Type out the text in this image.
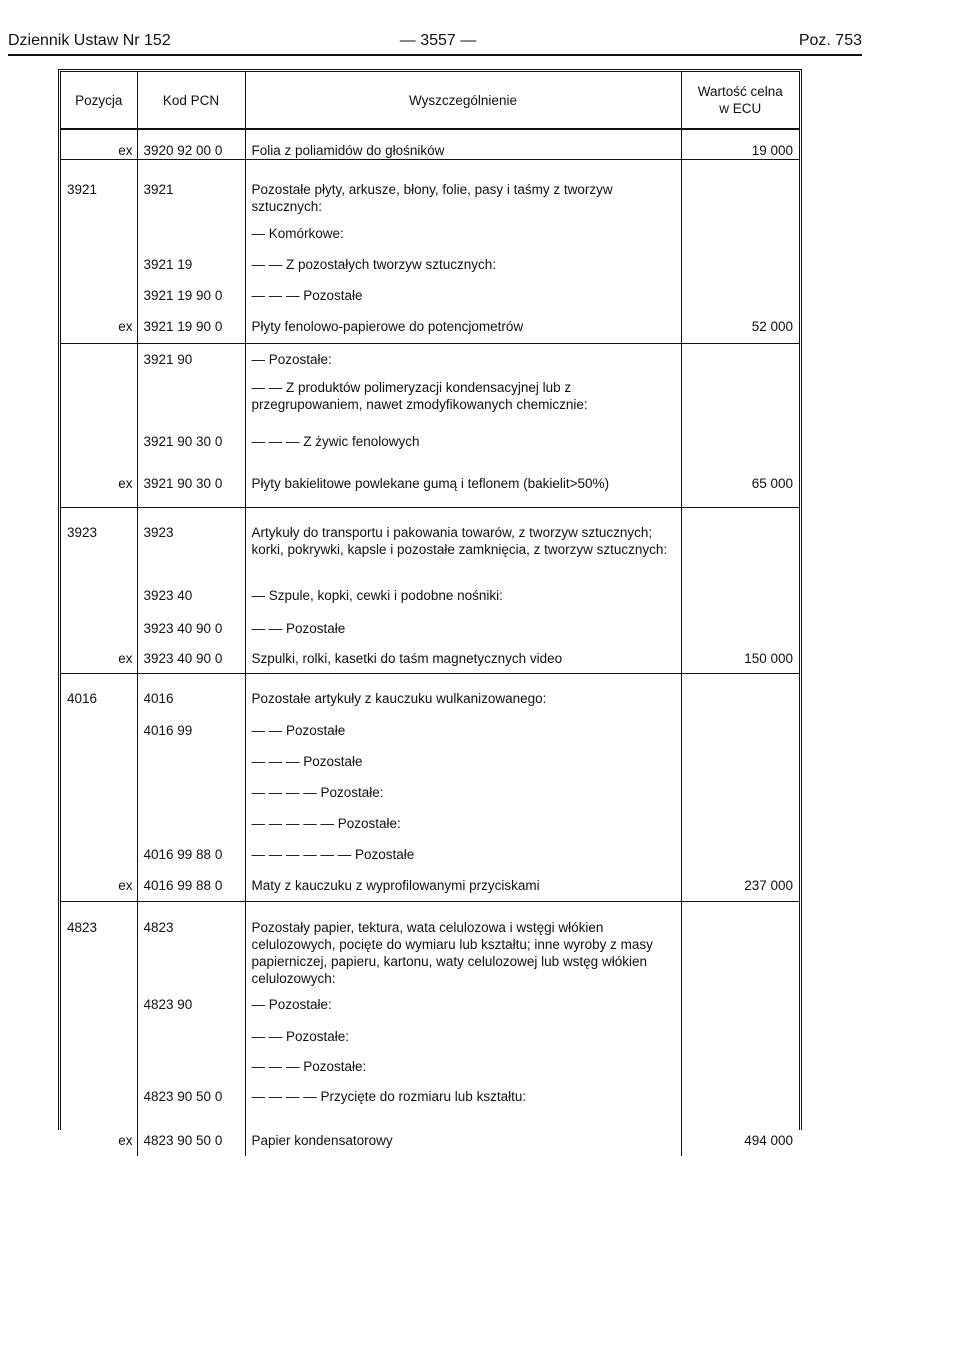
Dziennik Ustaw Nr 152	— 3557 —	Poz. 753
Pozycja	Kod PCN	Wyszczególnienie	Wartość celna
w ECU

ex	3920 92 00 0	Folia z poliamidów do głośników	19 000

3921	3921	Pozostałe płyty, arkusze, błony, folie, pasy i taśmy z tworzyw sztucznych:	
		— Komórkowe:	
	3921 19	— — Z pozostałych tworzyw sztucznych:	
	3921 19 90 0	— — — Pozostałe	
ex	3921 19 90 0	Płyty fenolowo-papierowe do potencjometrów	52 000
	3921 90	— Pozostałe:	
		— — Z produktów polimeryzacji kondensacyjnej lub z przegrupowaniem, nawet zmodyfikowanych chemicznie:	
	3921 90 30 0	— — — Z żywic fenolowych	
ex	3921 90 30 0	Płyty bakielitowe powlekane gumą i teflonem (bakielit>50%)	65 000

3923	3923	Artykuły do transportu i pakowania towarów, z tworzyw sztucznych; korki, pokrywki, kapsle i pozostałe zamknięcia, z tworzyw sztucznych:	
	3923 40	— Szpule, kopki, cewki i podobne nośniki:	
	3923 40 90 0	— — Pozostałe	
ex	3923 40 90 0	Szpulki, rolki, kasetki do taśm magnetycznych video	150 000

4016	4016	Pozostałe artykuły z kauczuku wulkanizowanego:	
	4016 99	— — Pozostałe	
		— — — Pozostałe	
		— — — — Pozostałe:	
		— — — — — Pozostałe:	
	4016 99 88 0	— — — — — — Pozostałe	
ex	4016 99 88 0	Maty z kauczuku z wyprofilowanymi przyciskami	237 000

4823	4823	Pozostały papier, tektura, wata celulozowa i wstęgi włókien celulozowych, pocięte do wymiaru lub kształtu; inne wyroby z masy papierniczej, papieru, kartonu, waty celulozowej lub wstęg włókien celulozowych:	
	4823 90	— Pozostałe:	
		— — Pozostałe:	
		— — — Pozostałe:	
	4823 90 50 0	— — — — Przycięte do rozmiaru lub kształtu:	
ex	4823 90 50 0	Papier kondensatorowy	494 000
